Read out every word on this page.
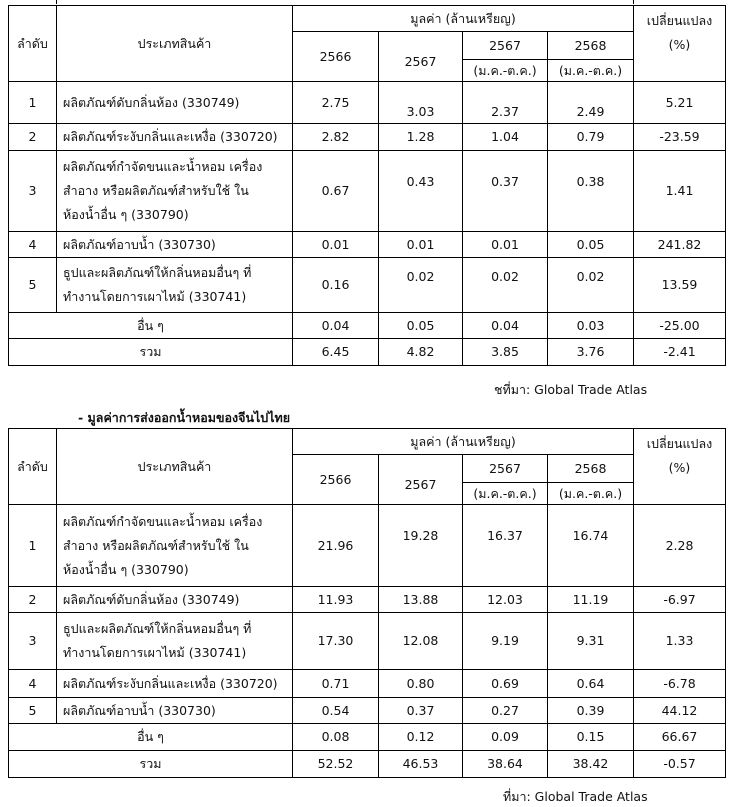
ลำดับ	ประเภทสินค้า	มูลค่า (ล้านเหรียญ)				เปลี่ยนแปลง
		2566	2567	2567	2568	(%)
				(ม.ค.-ต.ค.)	(ม.ค.-ต.ค.)	
1	ผลิตภัณฑ์ดับกลิ่นห้อง (330749)	2.75	3.03	2.37	2.49	5.21
2	ผลิตภัณฑ์ระงับกลิ่นและเหงื่อ (330720)	2.82	1.28	1.04	0.79	-23.59
3	ผลิตภัณฑ์กำจัดขนและน้ำหอม เครื่องสำอาง หรือผลิตภัณฑ์สำหรับใช้ ในห้องน้ำอื่น ๆ (330790)	0.67	0.43	0.37	0.38	1.41
4	ผลิตภัณฑ์อาบน้ำ (330730)	0.01	0.01	0.01	0.05	241.82
5	ธูปและผลิตภัณฑ์ให้กลิ่นหอมอื่นๆ ที่ ทำงานโดยการเผาไหม้ (330741)	0.16	0.02	0.02	0.02	13.59
อื่น ๆ		0.04	0.05	0.04	0.03	-25.00
รวม		6.45	4.82	3.85	3.76	-2.41
ชที่มา: Global Trade Atlas
- มูลค่าการส่งออกน้ำหอมของจีนไปไทย
ลำดับ	ประเภทสินค้า	มูลค่า (ล้านเหรียญ)				เปลี่ยนแปลง
		2566	2567	2567	2568	(%)
				(ม.ค.-ต.ค.)	(ม.ค.-ต.ค.)	
1	ผลิตภัณฑ์กำจัดขนและน้ำหอม เครื่องสำอาง หรือผลิตภัณฑ์สำหรับใช้ ในห้องน้ำอื่น ๆ (330790)	21.96	19.28	16.37	16.74	2.28
2	ผลิตภัณฑ์ดับกลิ่นห้อง (330749)	11.93	13.88	12.03	11.19	-6.97
3	ธูปและผลิตภัณฑ์ให้กลิ่นหอมอื่นๆ ที่ ทำงานโดยการเผาไหม้ (330741)	17.30	12.08	9.19	9.31	1.33
4	ผลิตภัณฑ์ระงับกลิ่นและเหงื่อ (330720)	0.71	0.80	0.69	0.64	-6.78
5	ผลิตภัณฑ์อาบน้ำ (330730)	0.54	0.37	0.27	0.39	44.12
อื่น ๆ		0.08	0.12	0.09	0.15	66.67
รวม		52.52	46.53	38.64	38.42	-0.57
ที่มา: Global Trade Atlas
